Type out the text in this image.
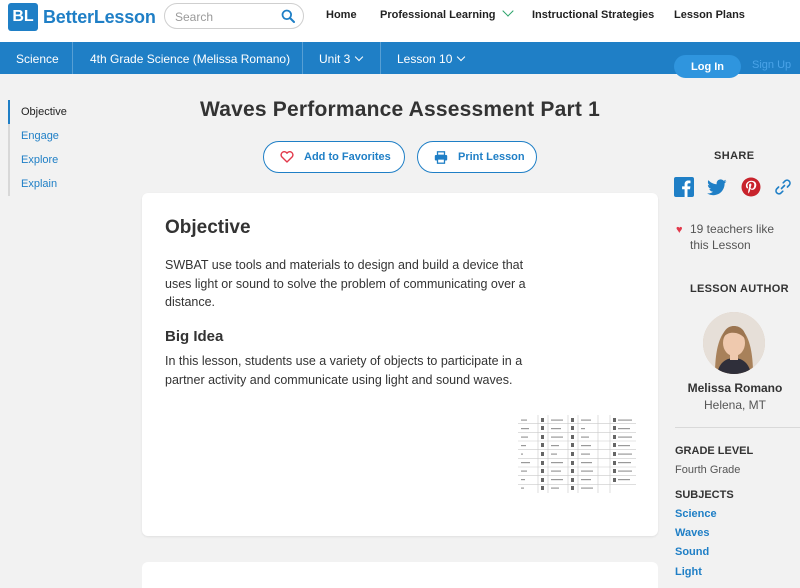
BL BetterLesson
Search	Home Professional Learning	Instructional Strategies Lesson Plans
Science	4th Grade Science (Melissa Romano) Unit 3	Lesson 10
Log In	Sign Up
Objective
Engage
Explore
Explain
Waves Performance Assessment Part 1
Add to Favorites	Print Lesson
Objective

SWBAT use tools and materials to design and build a device that uses light or sound to solve the problem of communicating over a distance.

Big Idea

In this lesson, students use a variety of objects to participate in a partner activity and communicate using light and sound waves.

SHARE
♥ 19 teachers like this Lesson
LESSON AUTHOR
Melissa Romano
Helena, MT
GRADE LEVEL
Fourth Grade
SUBJECTS
Science
Waves
Sound
Light
